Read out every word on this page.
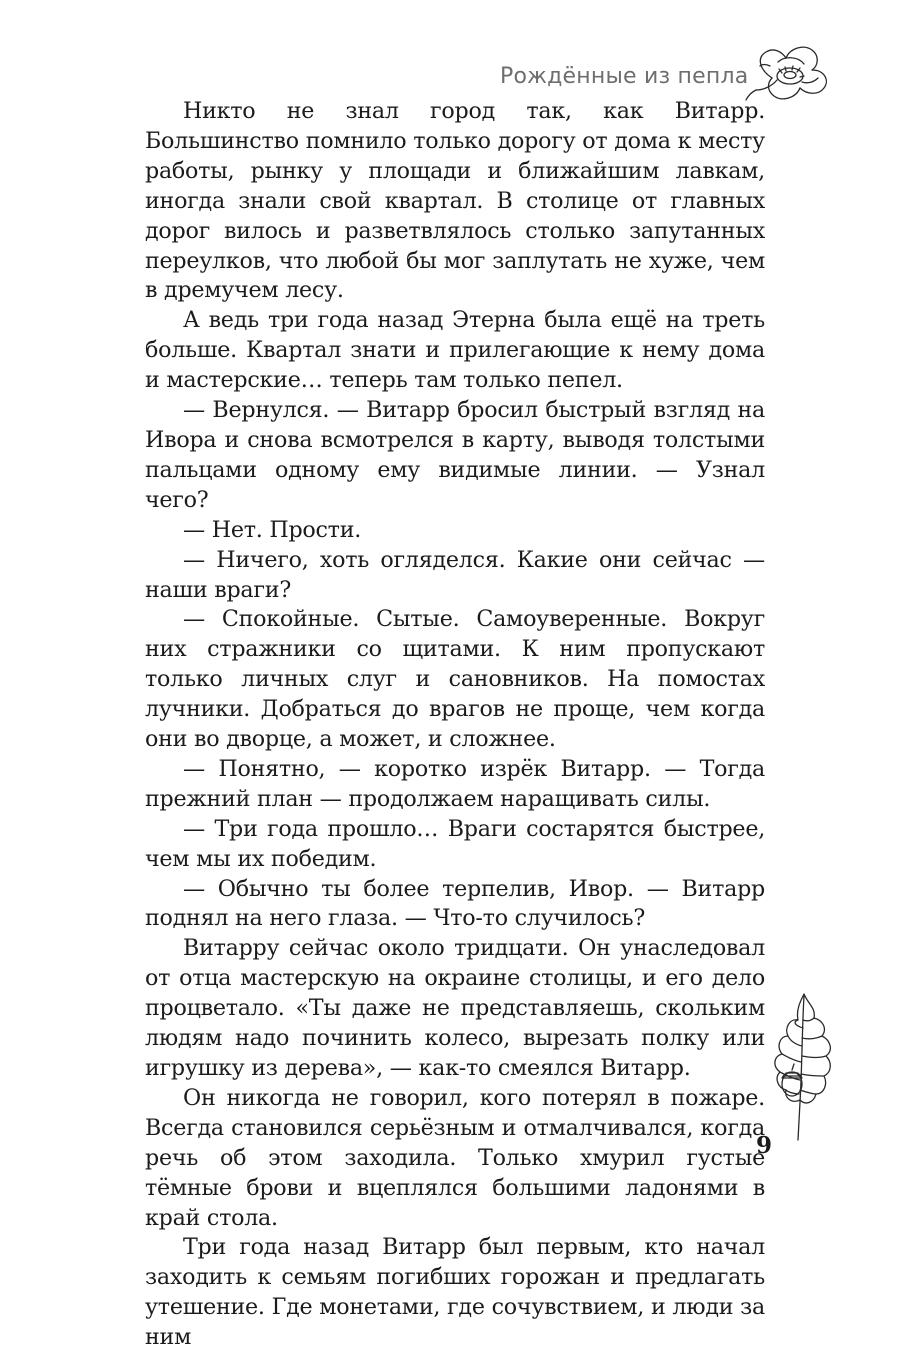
Рождённые из пепла

Никто не знал город так, как Витарр. Большинство помнило только дорогу от дома к месту работы, рынку у площади и ближайшим лавкам, иногда знали свой квартал. В столице от главных дорог вилось и разветвлялось столько запутанных переулков, что любой бы мог заплутать не хуже, чем в дремучем лесу.

А ведь три года назад Этерна была ещё на треть больше. Квартал знати и прилегающие к нему дома и мастерские… теперь там только пепел.

— Вернулся. — Витарр бросил быстрый взгляд на Ивора и снова всмотрелся в карту, выводя толстыми пальцами одному ему видимые линии. — Узнал чего?

— Нет. Прости.

— Ничего, хоть огляделся. Какие они сейчас — наши враги?

— Спокойные. Сытые. Самоуверенные. Вокруг них стражники со щитами. К ним пропускают только личных слуг и сановников. На помостах лучники. Добраться до врагов не проще, чем когда они во дворце, а может, и сложнее.

— Понятно, — коротко изрёк Витарр. — Тогда прежний план — продолжаем наращивать силы.

— Три года прошло… Враги состарятся быстрее, чем мы их победим.

— Обычно ты более терпелив, Ивор. — Витарр поднял на него глаза. — Что-то случилось?

Витарру сейчас около тридцати. Он унаследовал от отца мастерскую на окраине столицы, и его дело процветало. «Ты даже не представляешь, скольким людям надо починить колесо, вырезать полку или игрушку из дерева», — как-то смеялся Витарр.

Он никогда не говорил, кого потерял в пожаре. Всегда становился серьёзным и отмалчивался, когда речь об этом заходила. Только хмурил густые тёмные брови и вцеплялся большими ладонями в край стола.

Три года назад Витарр был первым, кто начал заходить к семьям погибших горожан и предлагать утешение. Где монетами, где сочувствием, и люди за ним

9
